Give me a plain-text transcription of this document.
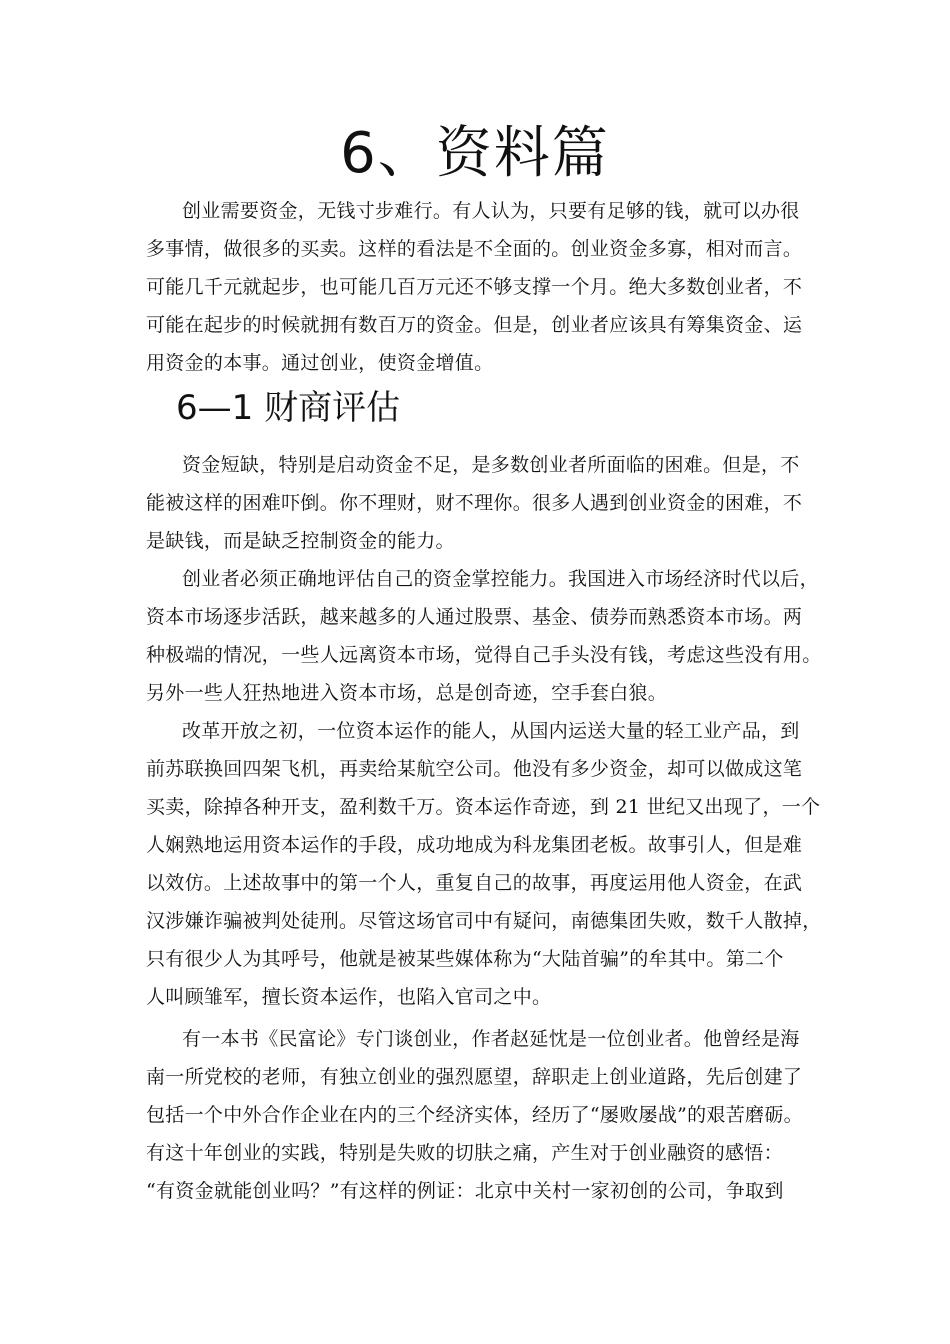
6、资料篇
创业需要资金，无钱寸步难行。有人认为，只要有足够的钱，就可以办很
多事情，做很多的买卖。这样的看法是不全面的。创业资金多寡，相对而言。
可能几千元就起步，也可能几百万元还不够支撑一个月。绝大多数创业者，不
可能在起步的时候就拥有数百万的资金。但是，创业者应该具有筹集资金、运
用资金的本事。通过创业，使资金增值。
6—1 财商评估
资金短缺，特别是启动资金不足，是多数创业者所面临的困难。但是，不
能被这样的困难吓倒。你不理财，财不理你。很多人遇到创业资金的困难，不
是缺钱，而是缺乏控制资金的能力。
创业者必须正确地评估自己的资金掌控能力。我国进入市场经济时代以后，
资本市场逐步活跃，越来越多的人通过股票、基金、债券而熟悉资本市场。两
种极端的情况，一些人远离资本市场，觉得自己手头没有钱，考虑这些没有用。
另外一些人狂热地进入资本市场，总是创奇迹，空手套白狼。
改革开放之初，一位资本运作的能人，从国内运送大量的轻工业产品，到
前苏联换回四架飞机，再卖给某航空公司。他没有多少资金，却可以做成这笔
买卖，除掉各种开支，盈利数千万。资本运作奇迹，到 21 世纪又出现了，一个
人娴熟地运用资本运作的手段，成功地成为科龙集团老板。故事引人，但是难
以效仿。上述故事中的第一个人，重复自己的故事，再度运用他人资金，在武
汉涉嫌诈骗被判处徒刑。尽管这场官司中有疑问，南德集团失败，数千人散掉，
只有很少人为其呼号，他就是被某些媒体称为“大陆首骗”的牟其中。第二个
人叫顾雏军，擅长资本运作，也陷入官司之中。
有一本书《民富论》专门谈创业，作者赵延忱是一位创业者。他曾经是海
南一所党校的老师，有独立创业的强烈愿望，辞职走上创业道路，先后创建了
包括一个中外合作企业在内的三个经济实体，经历了“屡败屡战”的艰苦磨砺。
有这十年创业的实践，特别是失败的切肤之痛，产生对于创业融资的感悟：
“有资金就能创业吗？”有这样的例证：北京中关村一家初创的公司，争取到
